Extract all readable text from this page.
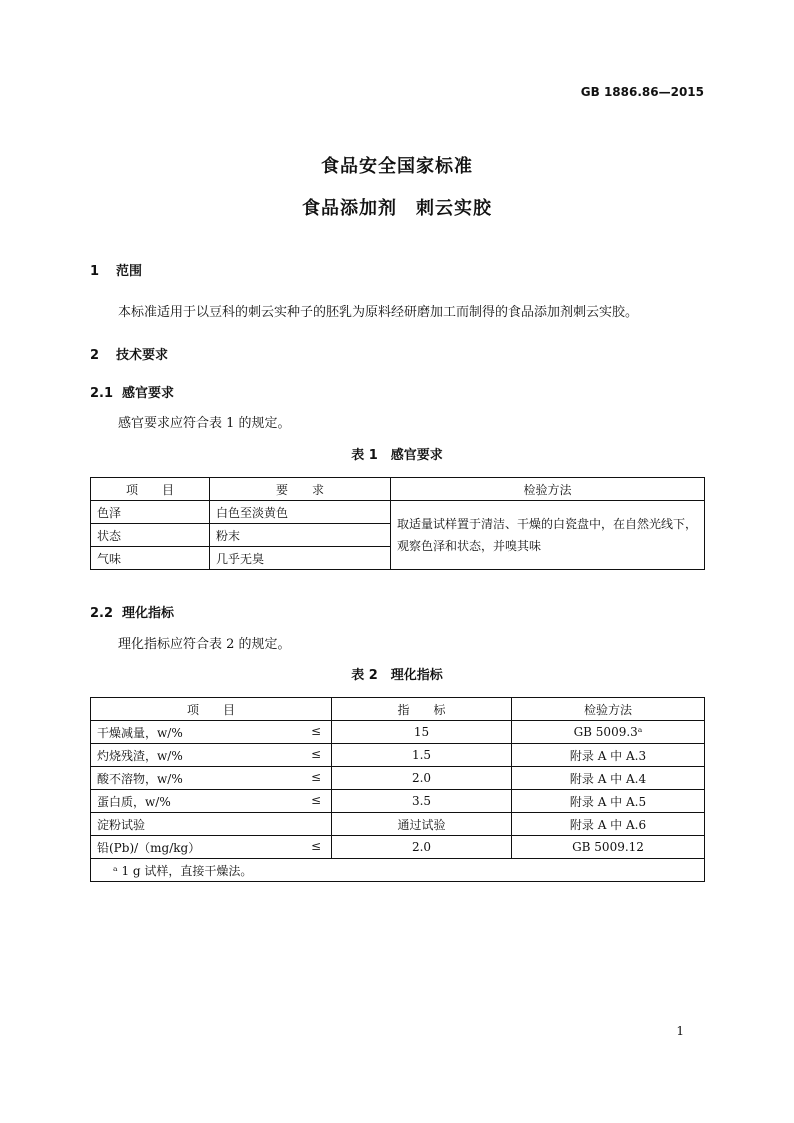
GB 1886.86—2015
食品安全国家标准
食品添加剂　刺云实胶
1 范围
本标准适用于以豆科的刺云实种子的胚乳为原料经研磨加工而制得的食品添加剂刺云实胶。
2 技术要求
2.1 感官要求
感官要求应符合表 1 的规定。
表 1　感官要求
项　　目	要　　求	检验方法
色泽	白色至淡黄色	取适量试样置于清洁、干燥的白瓷盘中，在自然光线下，观察色泽和状态，并嗅其味
状态	粉末	
气味	几乎无臭	
2.2 理化指标
理化指标应符合表 2 的规定。
表 2　理化指标
项　　目	指　　标	检验方法
干燥减量，w/% ≤	15	GB 5009.3ᵃ
灼烧残渣，w/% ≤	1.5	附录 A 中 A.3
酸不溶物，w/% ≤	2.0	附录 A 中 A.4
蛋白质，w/% ≤	3.5	附录 A 中 A.5
淀粉试验	通过试验	附录 A 中 A.6
铅(Pb)/（mg/kg） ≤	2.0	GB 5009.12
ᵃ 1 g 试样，直接干燥法。		
1
